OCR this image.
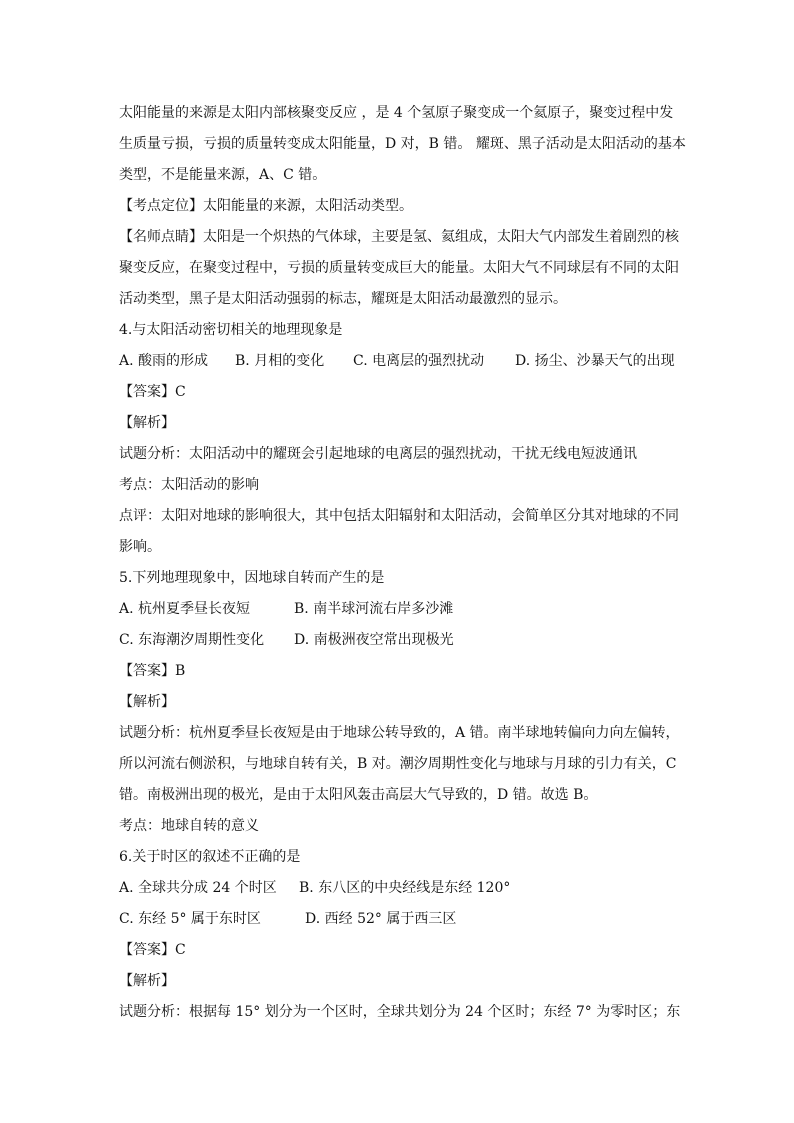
太阳能量的来源是太阳内部核聚变反应 ，是 4 个氢原子聚变成一个氦原子，聚变过程中发
生质量亏损，亏损的质量转变成太阳能量，D 对，B 错。 耀斑、黑子活动是太阳活动的基本
类型，不是能量来源，A、C 错。
【考点定位】太阳能量的来源，太阳活动类型。
【名师点睛】太阳是一个炽热的气体球，主要是氢、氦组成，太阳大气内部发生着剧烈的核
聚变反应，在聚变过程中，亏损的质量转变成巨大的能量。太阳大气不同球层有不同的太阳
活动类型，黑子是太阳活动强弱的标志，耀斑是太阳活动最激烈的显示。
4.与太阳活动密切相关的地理现象是
A. 酸雨的形成	B. 月相的变化	C. 电离层的强烈扰动	D. 扬尘、沙暴天气的出现
【答案】C
【解析】
试题分析：太阳活动中的耀斑会引起地球的电离层的强烈扰动，干扰无线电短波通讯
考点：太阳活动的影响
点评：太阳对地球的影响很大，其中包括太阳辐射和太阳活动，会简单区分其对地球的不同
影响。
5.下列地理现象中，因地球自转而产生的是
A. 杭州夏季昼长夜短	B. 南半球河流右岸多沙滩
C. 东海潮汐周期性变化	D. 南极洲夜空常出现极光
【答案】B
【解析】
试题分析：杭州夏季昼长夜短是由于地球公转导致的，A 错。南半球地转偏向力向左偏转，
所以河流右侧淤积，与地球自转有关，B 对。潮汐周期性变化与地球与月球的引力有关，C
错。南极洲出现的极光，是由于太阳风轰击高层大气导致的，D 错。故选 B。
考点：地球自转的意义
6.关于时区的叙述不正确的是
A. 全球共分成 24 个时区	B. 东八区的中央经线是东经 120°
C. 东经 5° 属于东时区	D. 西经 52° 属于西三区
【答案】C
【解析】
试题分析：根据每 15° 划分为一个区时，全球共划分为 24 个区时；东经 7° 为零时区；东
